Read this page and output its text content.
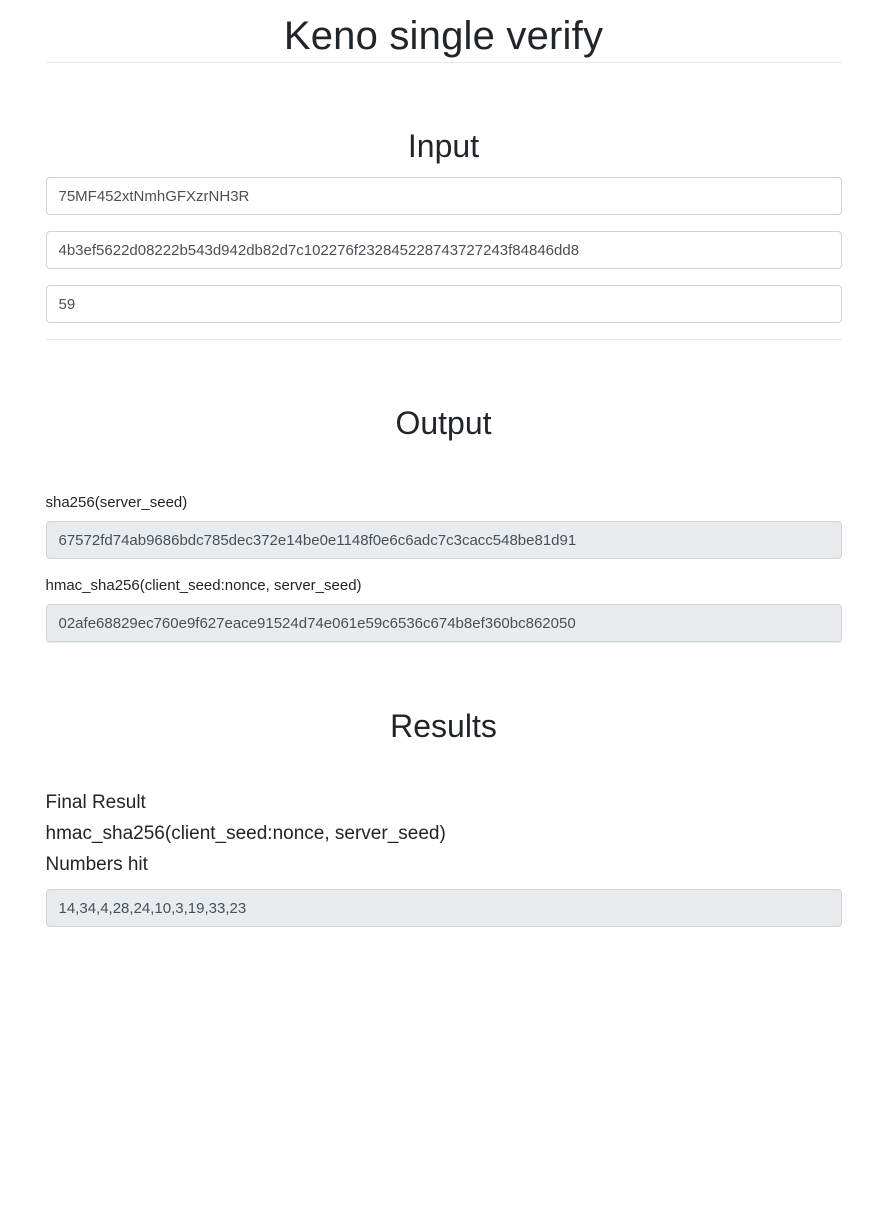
Keno single verify
Input
75MF452xtNmhGFXzrNH3R
4b3ef5622d08222b543d942db82d7c102276f232845228743727243f84846dd8
59
Output

sha256(server_seed)

67572fd74ab9686bdc785dec372e14be0e1148f0e6c6adc7c3cacc548be81d91

hmac_sha256(client_seed:nonce, server_seed)

02afe68829ec760e9f627eace91524d74e061e59c6536c674b8ef360bc862050
Results

Final Result

hmac_sha256(client_seed:nonce, server_seed)

Numbers hit

14,34,4,28,24,10,3,19,33,23
